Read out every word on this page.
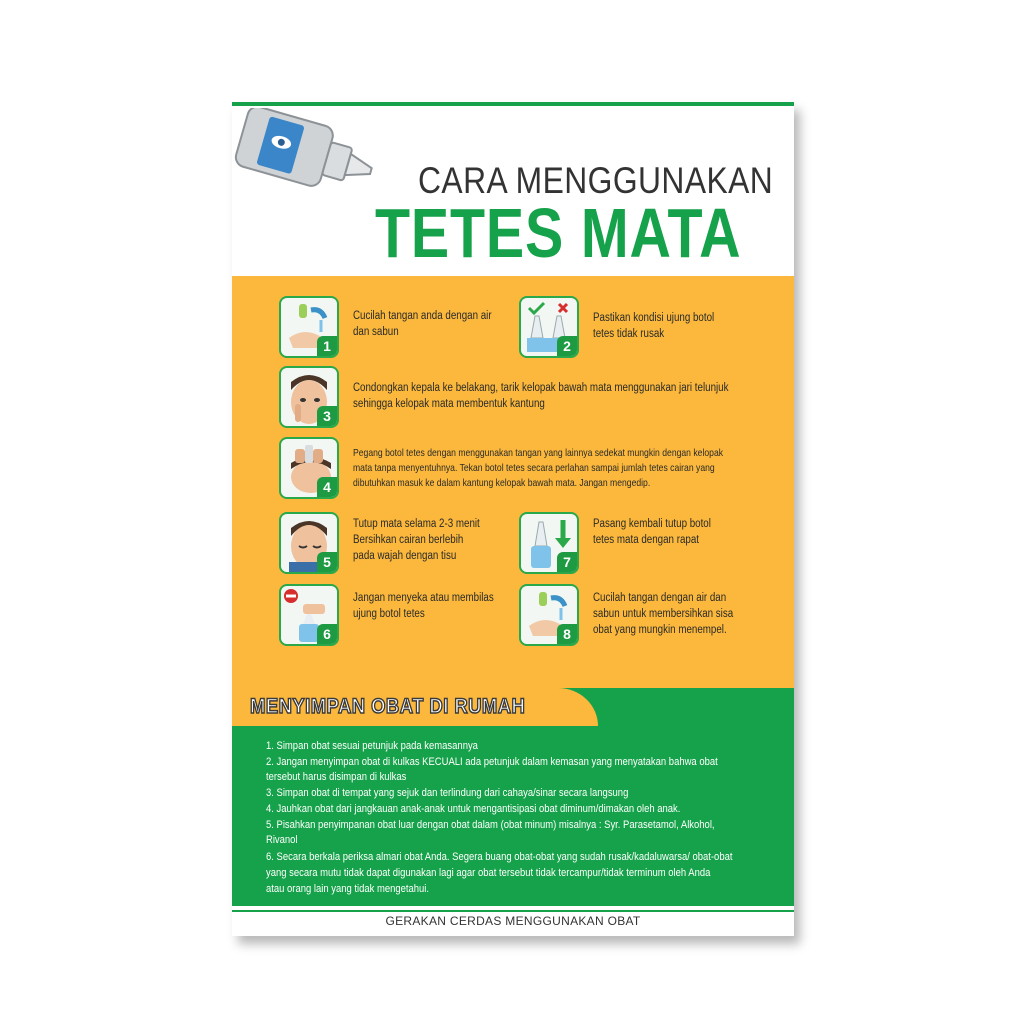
CARA MENGGUNAKAN
TETES MATA
1
Cucilah tangan anda dengan air
dan sabun
2
Pastikan kondisi ujung botol
tetes tidak rusak
3
Condongkan kepala ke belakang, tarik kelopak bawah mata menggunakan jari telunjuk
sehingga kelopak mata membentuk kantung
4
Pegang botol tetes dengan menggunakan tangan yang lainnya sedekat mungkin dengan kelopak
mata tanpa menyentuhnya. Tekan botol tetes secara perlahan sampai jumlah tetes cairan yang
dibutuhkan masuk ke dalam kantung kelopak bawah mata. Jangan mengedip.
5
Tutup mata selama 2-3 menit
Bersihkan cairan berlebih
pada wajah dengan tisu	7
Pasang kembali tutup botol
tetes mata dengan rapat
6
Jangan menyeka atau membilas
ujung botol tetes
8
Cucilah tangan dengan air dan
sabun untuk membersihkan sisa
obat yang mungkin menempel.
MENYIMPAN OBAT DI RUMAH
1. Simpan obat sesuai petunjuk pada kemasannya
2. Jangan menyimpan obat di kulkas KECUALI ada petunjuk dalam kemasan yang menyatakan bahwa obat
tersebut harus disimpan di kulkas
3. Simpan obat di tempat yang sejuk dan terlindung dari cahaya/sinar secara langsung
4. Jauhkan obat dari jangkauan anak-anak untuk mengantisipasi obat diminum/dimakan oleh anak.
5. Pisahkan penyimpanan obat luar dengan obat dalam (obat minum) misalnya : Syr. Parasetamol, Alkohol,
Rivanol
6. Secara berkala periksa almari obat Anda. Segera buang obat-obat yang sudah rusak/kadaluwarsa/ obat-obat
yang secara mutu tidak dapat digunakan lagi agar obat tersebut tidak tercampur/tidak terminum oleh Anda
atau orang lain yang tidak mengetahui.
GERAKAN CERDAS MENGGUNAKAN OBAT
